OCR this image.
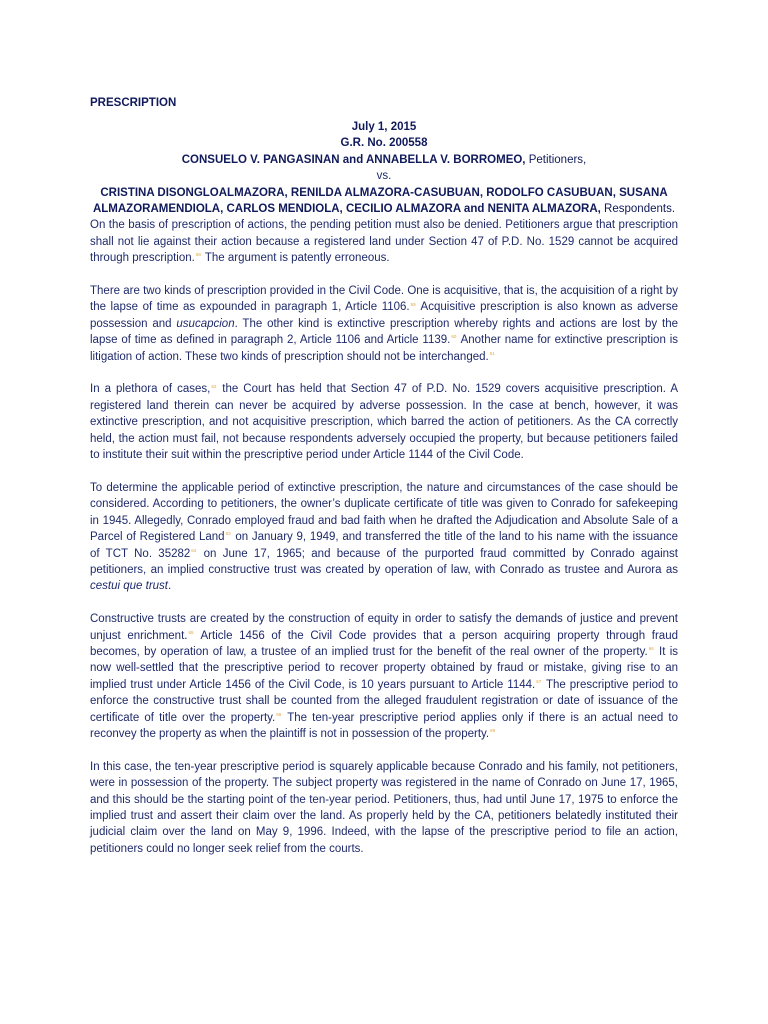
PRESCRIPTION
July 1, 2015
G.R. No. 200558
CONSUELO V. PANGASINAN and ANNABELLA V. BORROMEO, Petitioners,
vs.
CRISTINA DISONGLOALMAZORA, RENILDA ALMAZORA-CASUBUAN, RODOLFO CASUBUAN, SUSANA
ALMAZORAMENDIOLA, CARLOS MENDIOLA, CECILIO ALMAZORA and NENITA ALMAZORA, Respondents.

On the basis of prescription of actions, the pending petition must also be denied. Petitioners argue that prescription shall not lie against their action because a registered land under Section 47 of P.D. No. 1529 cannot be acquired through prescription.$^{58}$ The argument is patently erroneous.

There are two kinds of prescription provided in the Civil Code. One is acquisitive, that is, the acquisition of a right by the lapse of time as expounded in paragraph 1, Article 1106.59 Acquisitive prescription is also known as adverse possession and usucapcion. The other kind is extinctive prescription whereby rights and actions are lost by the lapse of time as defined in paragraph 2, Article 1106 and Article 1139.60 Another name for extinctive prescription is litigation of action. These two kinds of prescription should not be interchanged.$^{61}$

In a plethora of cases,$^{62}$ the Court has held that Section 47 of P.D. No. 1529 covers acquisitive prescription. A registered land therein can never be acquired by adverse possession. In the case at bench, however, it was extinctive prescription, and not acquisitive prescription, which barred the action of petitioners. As the CA correctly held, the action must fail, not because respondents adversely occupied the property, but because petitioners failed to institute their suit within the prescriptive period under Article 1144 of the Civil Code.

To determine the applicable period of extinctive prescription, the nature and circumstances of the case should be considered. According to petitioners, the owner’s duplicate certificate of title was given to Conrado for safekeeping in 1945. Allegedly, Conrado employed fraud and bad faith when he drafted the Adjudication and Absolute Sale of a Parcel of Registered Land$^{63}$ on January 9, 1949, and transferred the title of the land to his name with the issuance of TCT No. 35282$^{64}$ on June 17, 1965; and because of the purported fraud committed by Conrado against petitioners, an implied constructive trust was created by operation of law, with Conrado as trustee and Aurora as cestui que trust.

Constructive trusts are created by the construction of equity in order to satisfy the demands of justice and prevent unjust enrichment.$^{65}$ Article 1456 of the Civil Code provides that a person acquiring property through fraud becomes, by operation of law, a trustee of an implied trust for the benefit of the real owner of the property.$^{66}$ It is now well-settled that the prescriptive period to recover property obtained by fraud or mistake, giving rise to an implied trust under Article 1456 of the Civil Code, is 10 years pursuant to Article 1144.67 The prescriptive period to enforce the constructive trust shall be counted from the alleged fraudulent registration or date of issuance of the certificate of title over the property.$^{68}$ The ten-year prescriptive period applies only if there is an actual need to reconvey the property as when the plaintiff is not in possession of the property.$^{69}$

In this case, the ten-year prescriptive period is squarely applicable because Conrado and his family, not petitioners, were in possession of the property. The subject property was registered in the name of Conrado on June 17, 1965, and this should be the starting point of the ten-year period. Petitioners, thus, had until June 17, 1975 to enforce the implied trust and assert their claim over the land. As properly held by the CA, petitioners belatedly instituted their judicial claim over the land on May 9, 1996. Indeed, with the lapse of the prescriptive period to file an action, petitioners could no longer seek relief from the courts.
